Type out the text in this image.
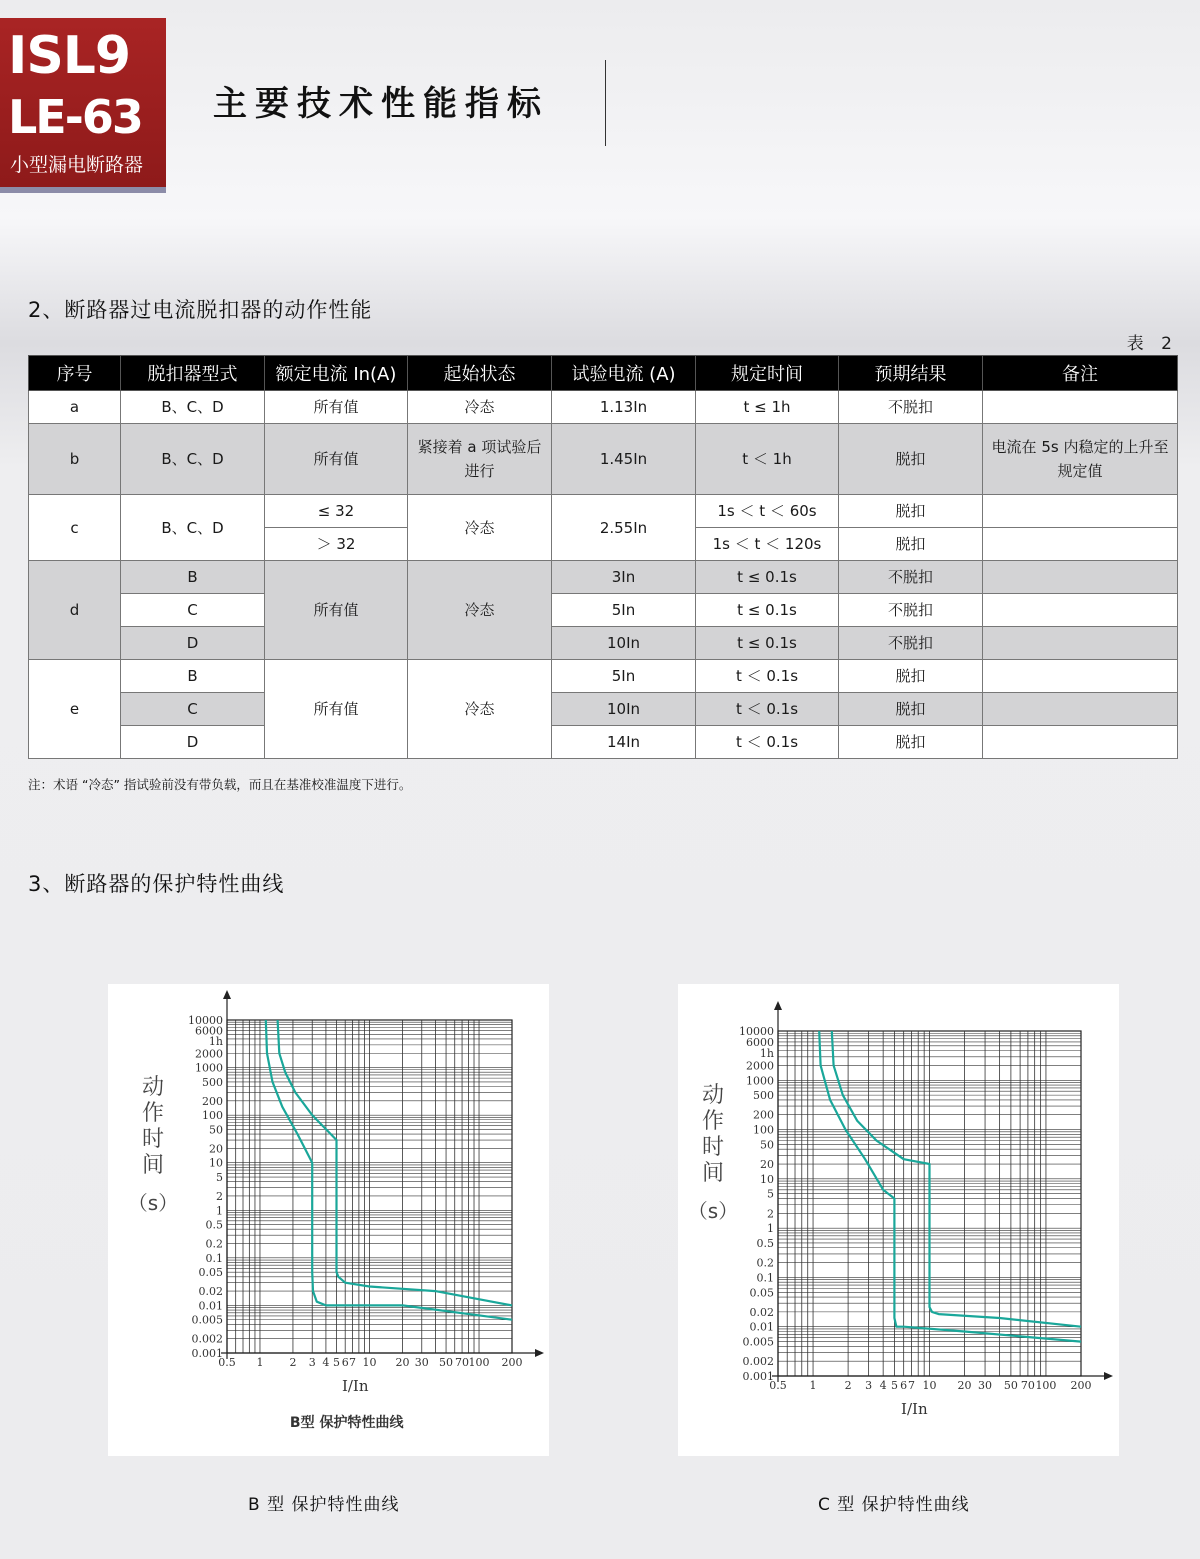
ISL9
LE-63
小型漏电断路器
主要技术性能指标
2、断路器过电流脱扣器的动作性能
表 2
序号	脱扣器型式	额定电流 In(A)	起始状态	试验电流 (A)	规定时间	预期结果	备注
a	B、C、D	所有值	冷态	1.13In	t ≤ 1h	不脱扣	
b	B、C、D	所有值	紧接着 a 项试验后进行	1.45In	t ＜ 1h	脱扣	电流在 5s 内稳定的上升至规定值
c	B、C、D	≤ 32	冷态	2.55In	1s ＜ t ＜ 60s	脱扣	
		＞ 32			1s ＜ t ＜ 120s	脱扣	
d	B	所有值	冷态	3In	t ≤ 0.1s	不脱扣	
	C			5In	t ≤ 0.1s	不脱扣	
	D			10In	t ≤ 0.1s	不脱扣	
e	B	所有值	冷态	5In	t ＜ 0.1s	脱扣	
	C			10In	t ＜ 0.1s	脱扣	
	D			14In	t ＜ 0.1s	脱扣	
注：术语 “冷态” 指试验前没有带负载，而且在基准校准温度下进行。
3、断路器的保护特性曲线
0.5 1 2 3 4 5 6 7 10 20 30 50 70 100 200
10000
6000
1h
2000
1000
500
200
100
50
20
10
5
2
1
0.5
0.2
0.1
0.05
0.02
0.01
0.005
0.002
0.001
I/In
动
作
时
间
（s）
B型 保护特性曲线
0.5 1	2 3 4 5 6 7 10 20 30 50 70 100 200
10000
6000
1h
2000
1000
500
200
100
50
20
10
5
2
1
0.5
0.2
0.1
0.05
0.02
0.01
0.005
0.002
0.001
I/In
动
作
时
间
（s）
B 型 保护特性曲线	C 型 保护特性曲线
